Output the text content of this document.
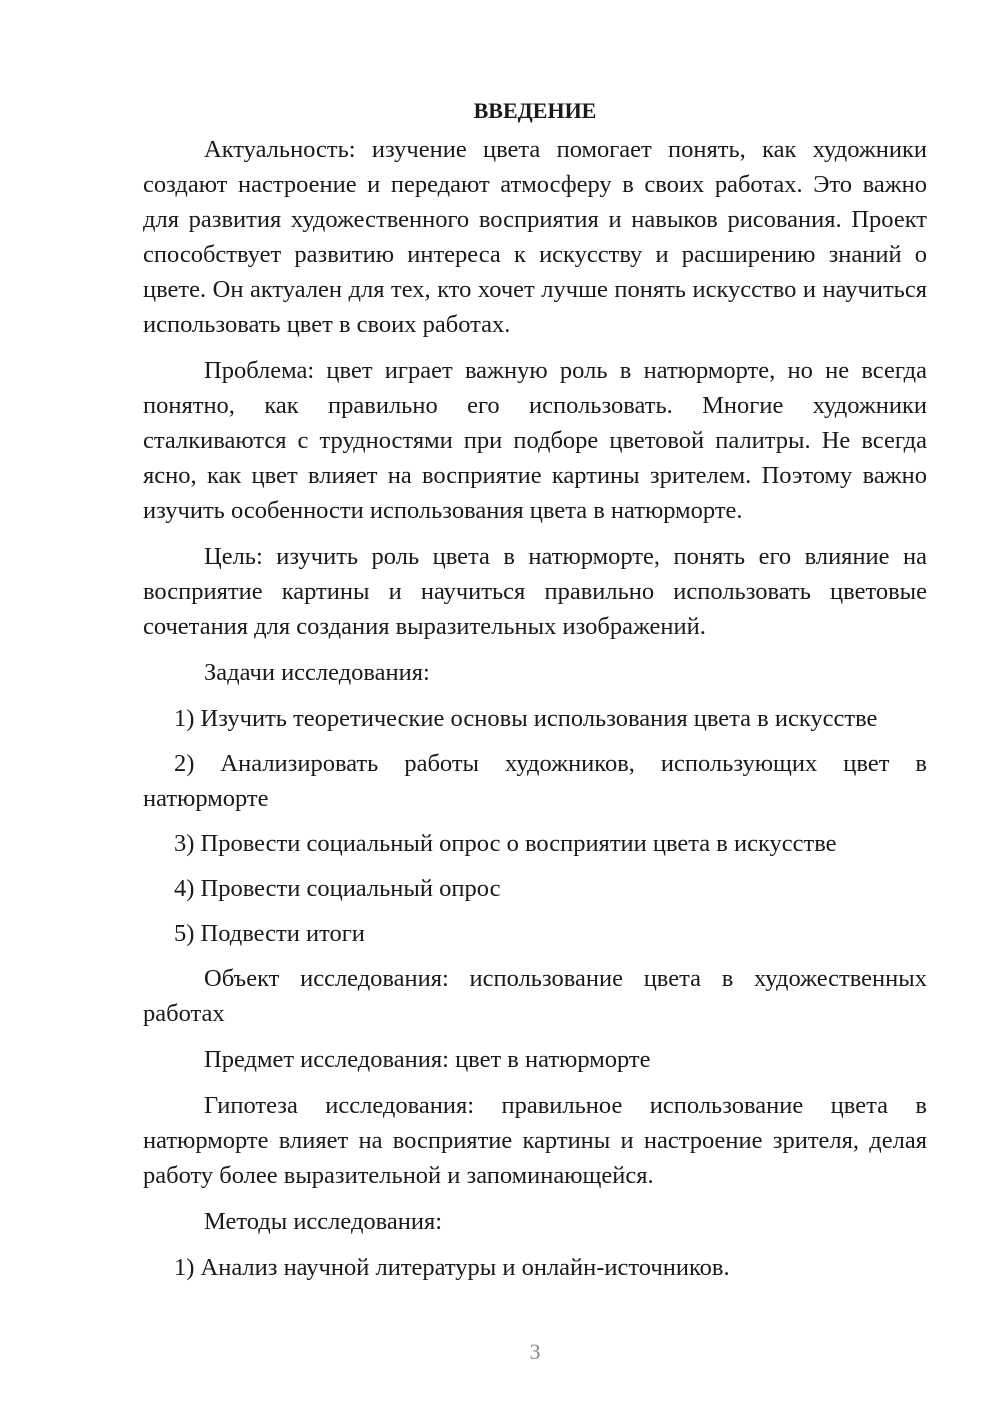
ВВЕДЕНИЕ

Актуальность: изучение цвета помогает понять, как художники создают настроение и передают атмосферу в своих работах. Это важно для развития художественного восприятия и навыков рисования. Проект способствует развитию интереса к искусству и расширению знаний о цвете. Он актуален для тех, кто хочет лучше понять искусство и научиться использовать цвет в своих работах.

Проблема: цвет играет важную роль в натюрморте, но не всегда понятно, как правильно его использовать. Многие художники сталкиваются с трудностями при подборе цветовой палитры. Не всегда ясно, как цвет влияет на восприятие картины зрителем. Поэтому важно изучить особенности использования цвета в натюрморте.

Цель: изучить роль цвета в натюрморте, понять его влияние на восприятие картины и научиться правильно использовать цветовые сочетания для создания выразительных изображений.

Задачи исследования:

1) Изучить теоретические основы использования цвета в искусстве

2) Анализировать работы художников, использующих цвет в натюрморте

3) Провести социальный опрос о восприятии цвета в искусстве

4) Провести социальный опрос

5) Подвести итоги

Объект исследования: использование цвета в художественных работах

Предмет исследования: цвет в натюрморте

Гипотеза исследования: правильное использование цвета в натюрморте влияет на восприятие картины и настроение зрителя, делая работу более выразительной и запоминающейся.

Методы исследования:

1) Анализ научной литературы и онлайн-источников.

3
